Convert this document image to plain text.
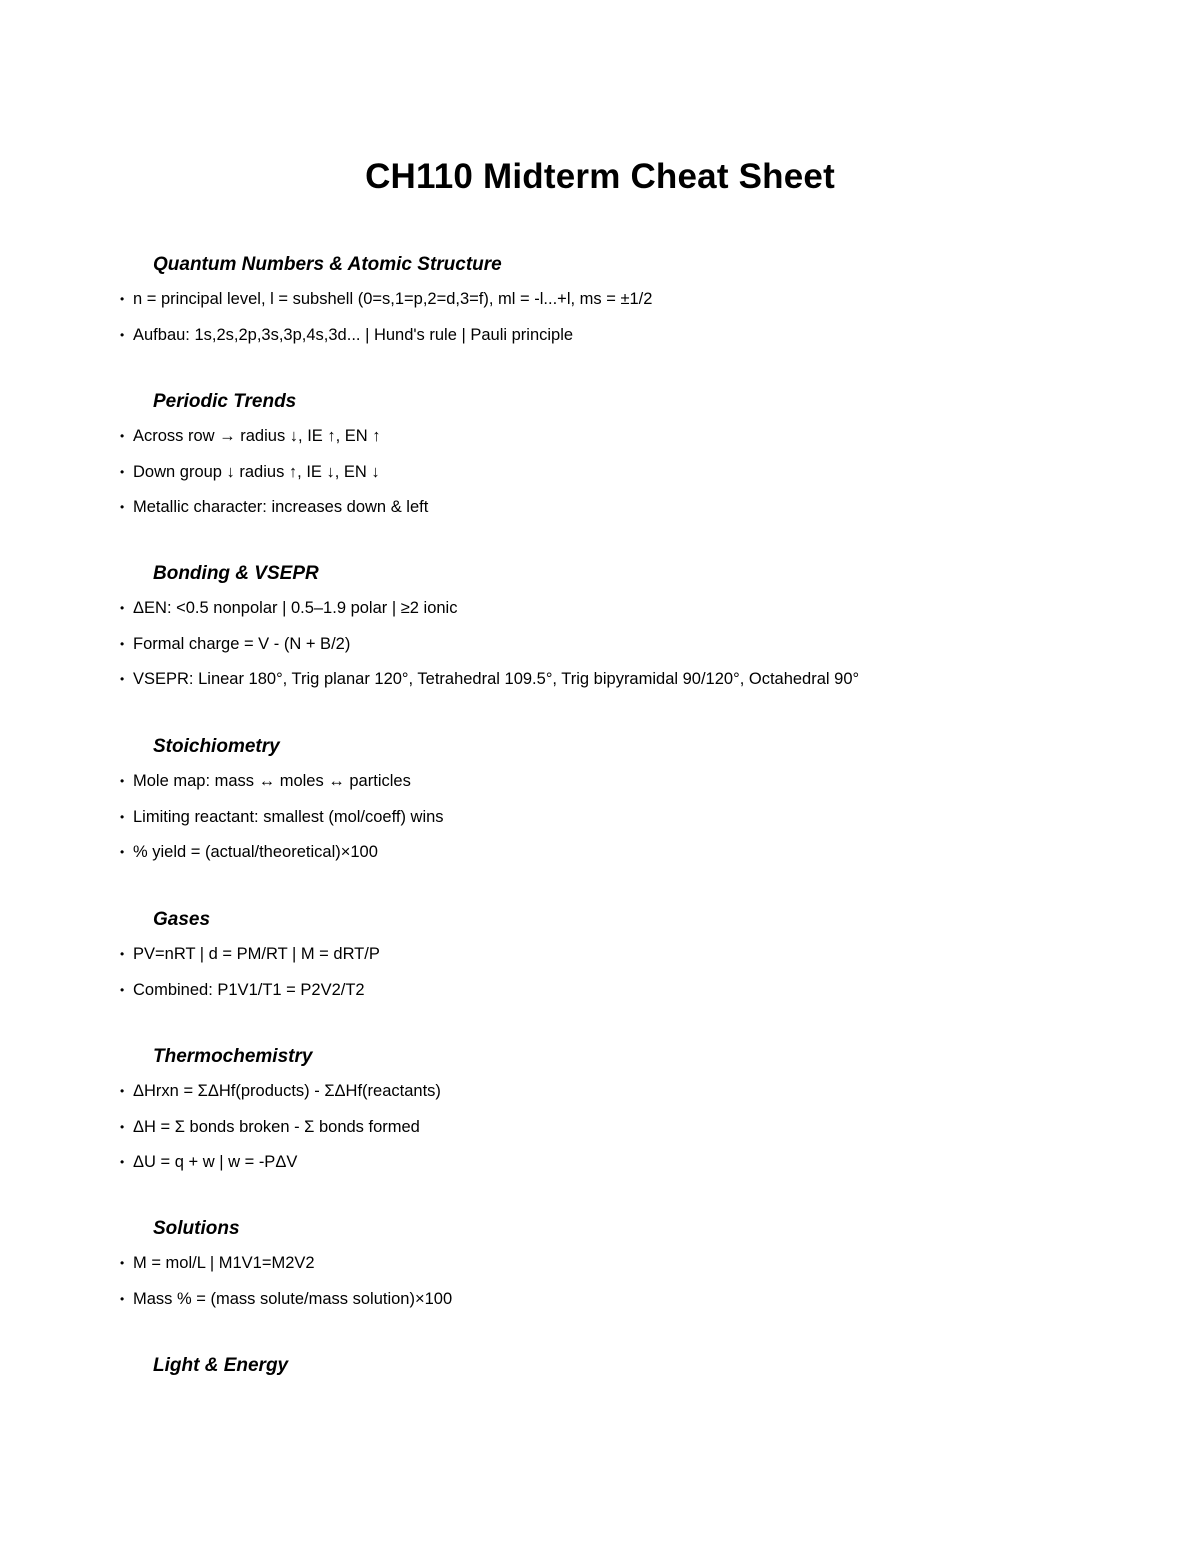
CH110 Midterm Cheat Sheet
Quantum Numbers & Atomic Structure
• n = principal level, l = subshell (0=s,1=p,2=d,3=f), ml = -l...+l, ms = ±1/2
• Aufbau: 1s,2s,2p,3s,3p,4s,3d... | Hund's rule | Pauli principle
Periodic Trends
• Across row → radius ↓, IE ↑, EN ↑
• Down group ↓ radius ↑, IE ↓, EN ↓
• Metallic character: increases down & left
Bonding & VSEPR
• ΔEN: <0.5 nonpolar | 0.5–1.9 polar | ≥2 ionic
• Formal charge = V - (N + B/2)
• VSEPR: Linear 180°, Trig planar 120°, Tetrahedral 109.5°, Trig bipyramidal 90/120°, Octahedral 90°
Stoichiometry
• Mole map: mass ↔ moles ↔ particles
• Limiting reactant: smallest (mol/coeff) wins
• % yield = (actual/theoretical)×100
Gases
• PV=nRT | d = PM/RT | M = dRT/P
• Combined: P1V1/T1 = P2V2/T2
Thermochemistry
• ΔHrxn = ΣΔHf(products) - ΣΔHf(reactants)
• ΔH = Σ bonds broken - Σ bonds formed
• ΔU = q + w | w = -PΔV
Solutions
• M = mol/L | M1V1=M2V2
• Mass % = (mass solute/mass solution)×100
Light & Energy
